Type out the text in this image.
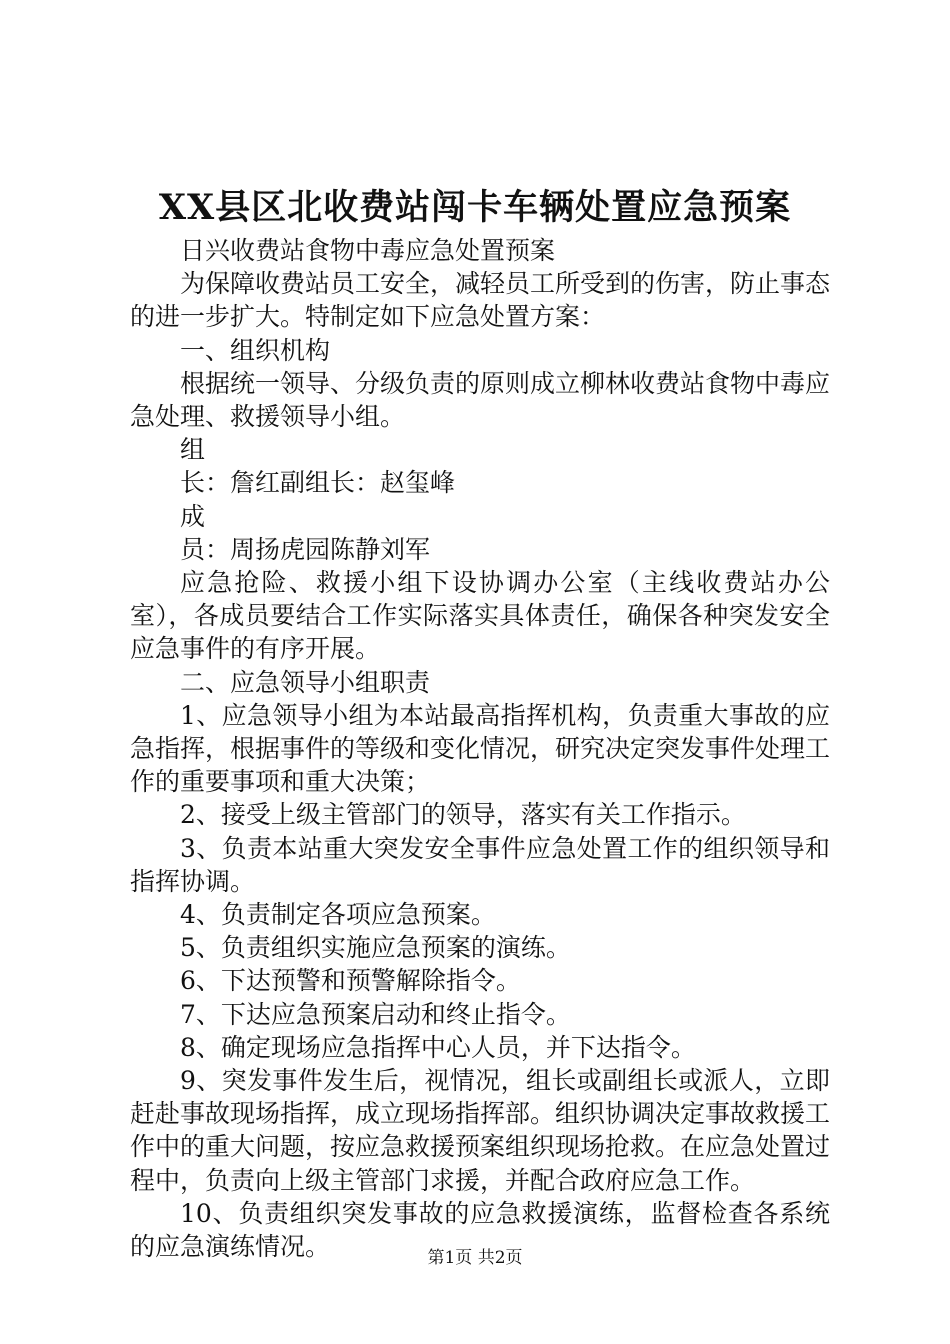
XX县区北收费站闯卡车辆处置应急预案

日兴收费站食物中毒应急处置预案

为保障收费站员工安全，减轻员工所受到的伤害，防止事态的进一步扩大。特制定如下应急处置方案：

一、组织机构

根据统一领导、分级负责的原则成立柳林收费站食物中毒应急处理、救援领导小组。

组

长：詹红副组长：赵玺峰

成

员：周扬虎园陈静刘军

应急抢险、救援小组下设协调办公室（主线收费站办公室），各成员要结合工作实际落实具体责任，确保各种突发安全应急事件的有序开展。

二、应急领导小组职责

1、应急领导小组为本站最高指挥机构，负责重大事故的应急指挥，根据事件的等级和变化情况，研究决定突发事件处理工作的重要事项和重大决策；

2、接受上级主管部门的领导，落实有关工作指示。

3、负责本站重大突发安全事件应急处置工作的组织领导和指挥协调。

4、负责制定各项应急预案。

5、负责组织实施应急预案的演练。

6、下达预警和预警解除指令。

7、下达应急预案启动和终止指令。

8、确定现场应急指挥中心人员，并下达指令。

9、突发事件发生后，视情况，组长或副组长或派人，立即赶赴事故现场指挥，成立现场指挥部。组织协调决定事故救援工作中的重大问题，按应急救援预案组织现场抢救。在应急处置过程中，负责向上级主管部门求援，并配合政府应急工作。

10、负责组织突发事故的应急救援演练，监督检查各系统的应急演练情况。	第1页 共2页
